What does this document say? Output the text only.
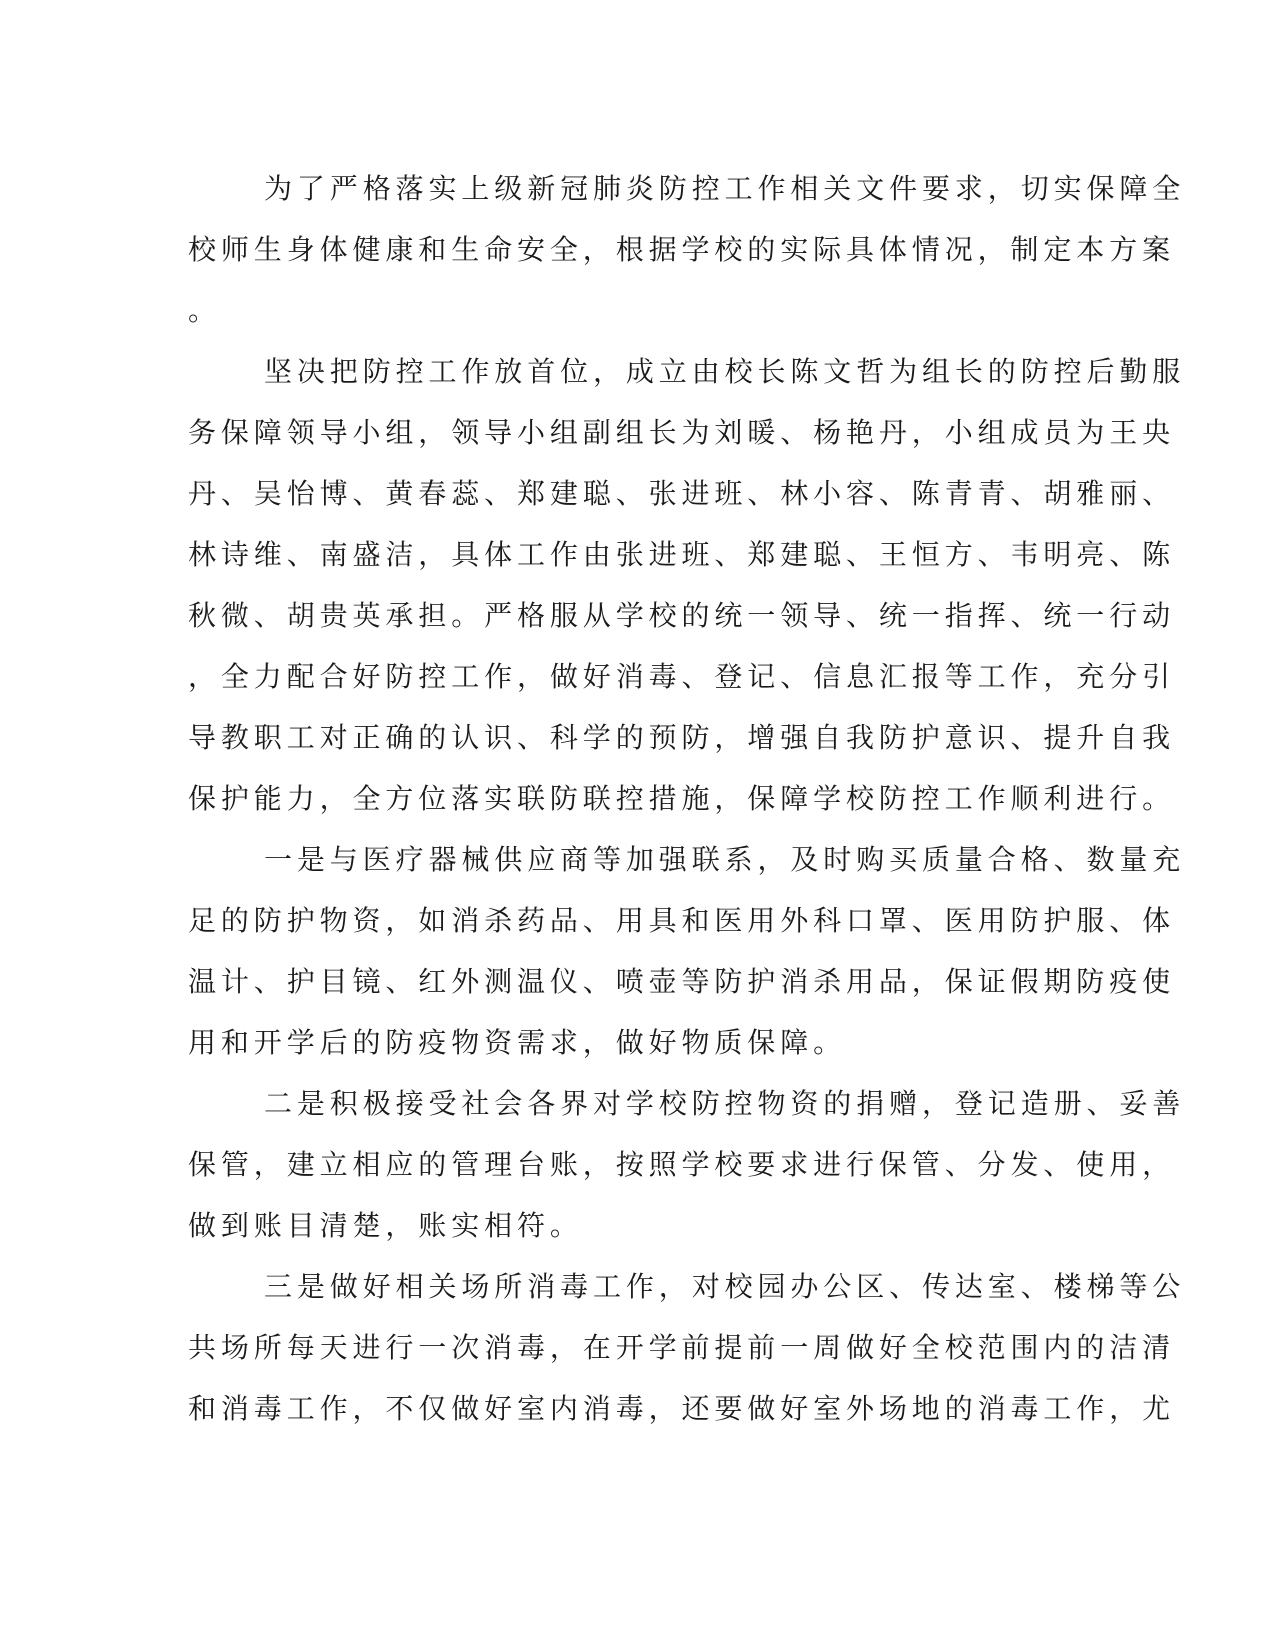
为了严格落实上级新冠肺炎防控工作相关文件要求，切实保障全
校师生身体健康和生命安全，根据学校的实际具体情况，制定本方案
。
坚决把防控工作放首位，成立由校长陈文哲为组长的防控后勤服
务保障领导小组，领导小组副组长为刘暖、杨艳丹，小组成员为王央
丹、吴怡博、黄春蕊、郑建聪、张进班、林小容、陈青青、胡雅丽、
林诗维、南盛洁，具体工作由张进班、郑建聪、王恒方、韦明亮、陈
秋微、胡贵英承担。严格服从学校的统一领导、统一指挥、统一行动
，全力配合好防控工作，做好消毒、登记、信息汇报等工作，充分引
导教职工对正确的认识、科学的预防，增强自我防护意识、提升自我
保护能力，全方位落实联防联控措施，保障学校防控工作顺利进行。
一是与医疗器械供应商等加强联系，及时购买质量合格、数量充
足的防护物资，如消杀药品、用具和医用外科口罩、医用防护服、体
温计、护目镜、红外测温仪、喷壶等防护消杀用品，保证假期防疫使
用和开学后的防疫物资需求，做好物质保障。
二是积极接受社会各界对学校防控物资的捐赠，登记造册、妥善
保管，建立相应的管理台账，按照学校要求进行保管、分发、使用，
做到账目清楚，账实相符。
三是做好相关场所消毒工作，对校园办公区、传达室、楼梯等公
共场所每天进行一次消毒，在开学前提前一周做好全校范围内的洁清
和消毒工作，不仅做好室内消毒，还要做好室外场地的消毒工作，尤
